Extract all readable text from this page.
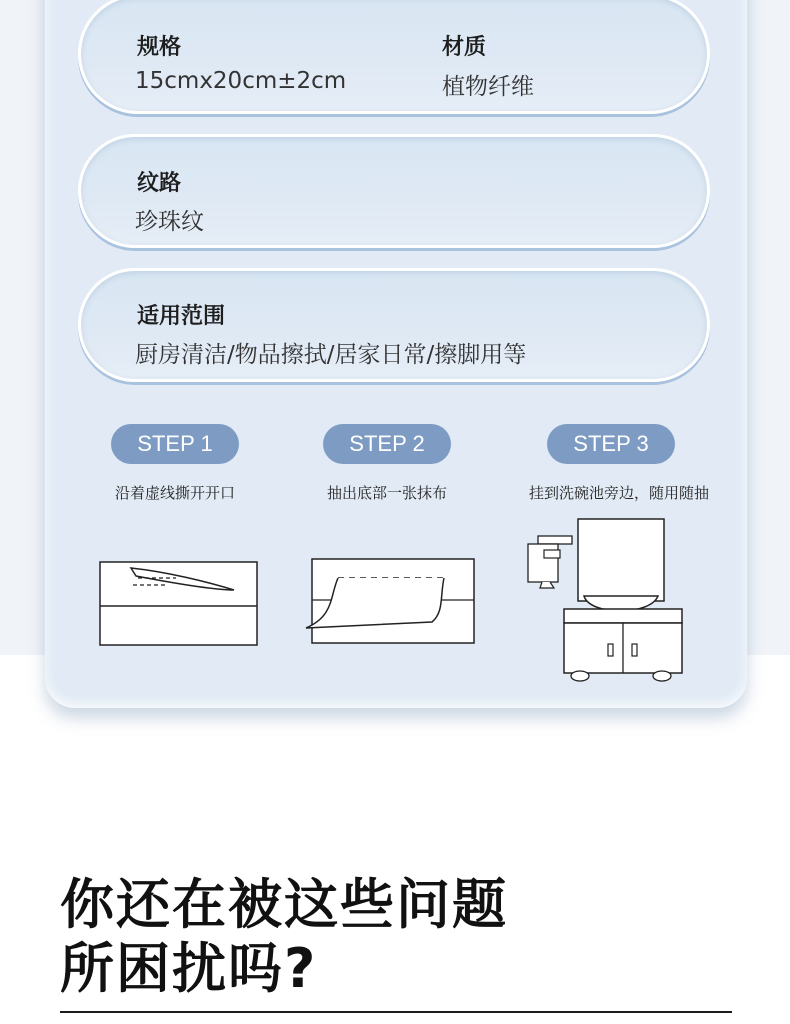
规格
15cmx20cm±2cm
材质
植物纤维
纹路
珍珠纹
适用范围
厨房清洁/物品擦拭/居家日常/擦脚用等
STEP 1	STEP 2	STEP 3
沿着虚线撕开开口	抽出底部一张抹布	挂到洗碗池旁边，随用随抽
你还在被这些问题
所困扰吗?
